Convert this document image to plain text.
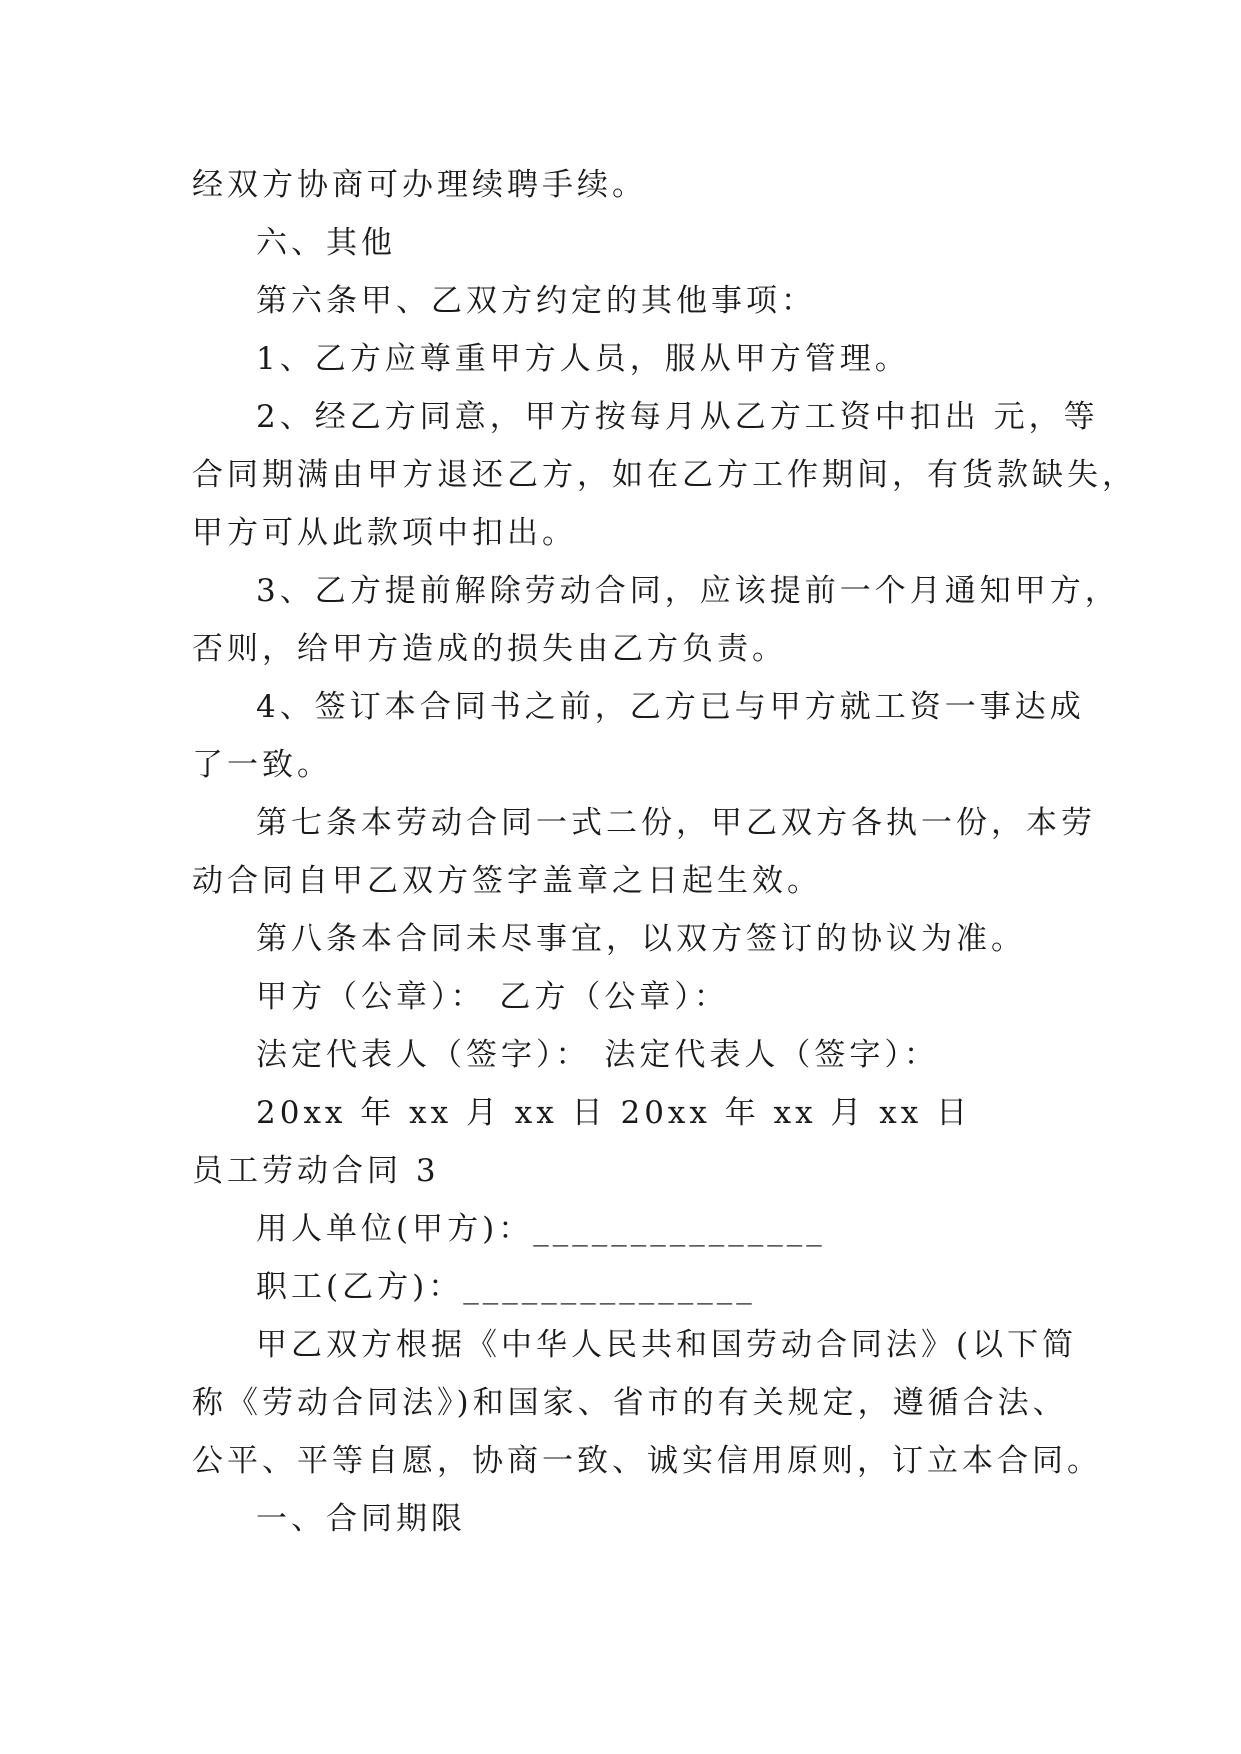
经双方协商可办理续聘手续。
六、其他
第六条甲、乙双方约定的其他事项：
1、乙方应尊重甲方人员，服从甲方管理。
2、经乙方同意，甲方按每月从乙方工资中扣出 元，等
合同期满由甲方退还乙方，如在乙方工作期间，有货款缺失，
甲方可从此款项中扣出。
3、乙方提前解除劳动合同，应该提前一个月通知甲方，
否则，给甲方造成的损失由乙方负责。
4、签订本合同书之前，乙方已与甲方就工资一事达成
了一致。
第七条本劳动合同一式二份，甲乙双方各执一份，本劳
动合同自甲乙双方签字盖章之日起生效。
第八条本合同未尽事宜，以双方签订的协议为准。
甲方（公章）： 乙方（公章）：
法定代表人（签字）： 法定代表人（签字）：
20xx 年 xx 月 xx 日 20xx 年 xx 月 xx 日
员工劳动合同 3
用人单位(甲方)：_______________
职工(乙方)：_______________
甲乙双方根据《中华人民共和国劳动合同法》(以下简
称《劳动合同法》)和国家、省市的有关规定，遵循合法、
公平、平等自愿，协商一致、诚实信用原则，订立本合同。
一、合同期限
